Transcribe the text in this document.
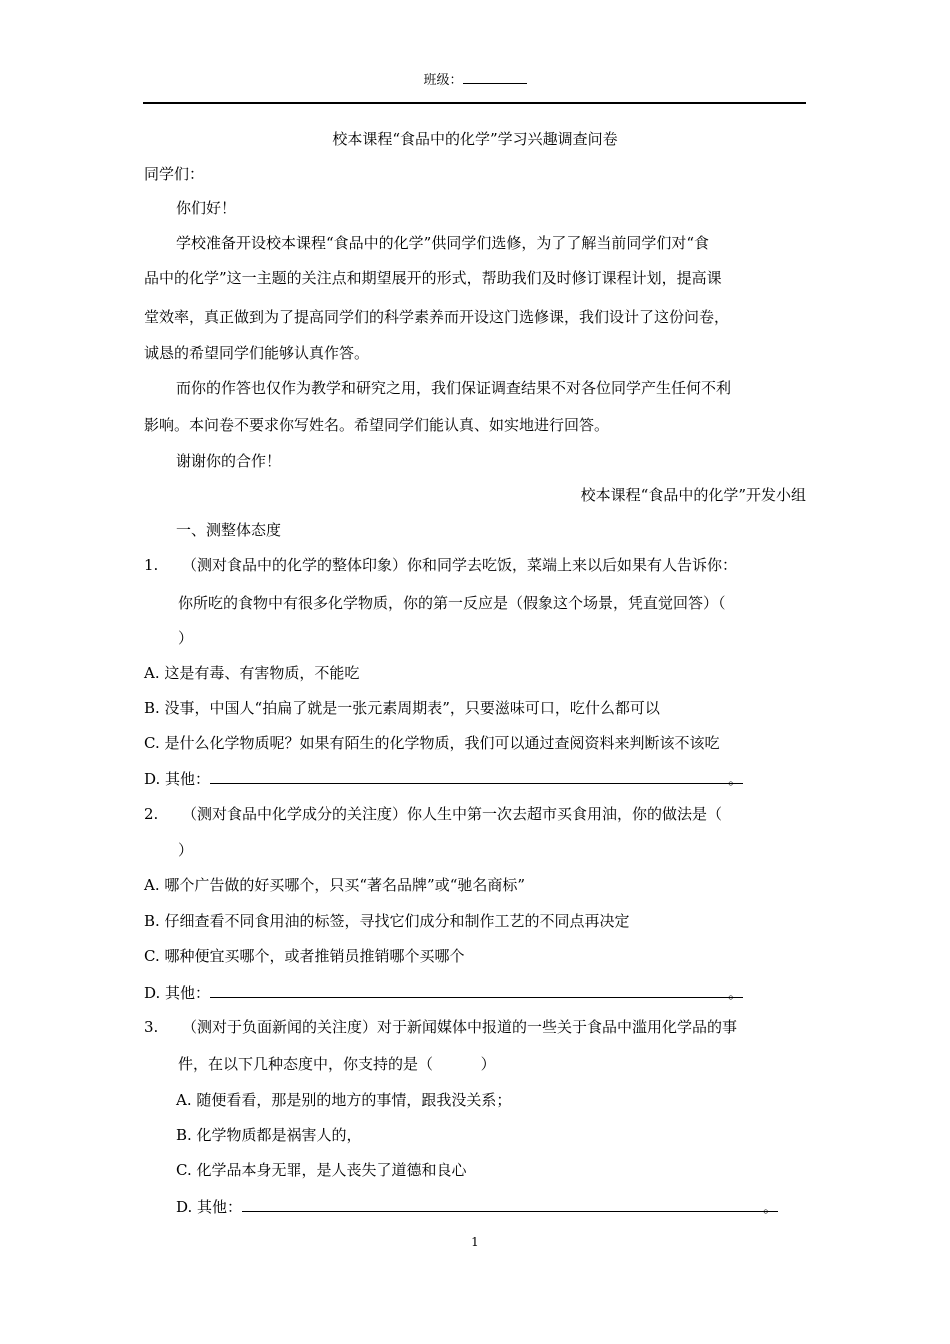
班级：
校本课程“食品中的化学”学习兴趣调查问卷
同学们：
你们好！
学校准备开设校本课程“食品中的化学”供同学们选修，为了了解当前同学们对“食
品中的化学”这一主题的关注点和期望展开的形式，帮助我们及时修订课程计划，提高课
堂效率，真正做到为了提高同学们的科学素养而开设这门选修课，我们设计了这份问卷，
诚恳的希望同学们能够认真作答。
而你的作答也仅作为教学和研究之用，我们保证调查结果不对各位同学产生任何不利
影响。本问卷不要求你写姓名。希望同学们能认真、如实地进行回答。
谢谢你的合作！
校本课程“食品中的化学”开发小组
一、测整体态度
1. （测对食品中的化学的整体印象）你和同学去吃饭，菜端上来以后如果有人告诉你：
你所吃的食物中有很多化学物质，你的第一反应是（假象这个场景，凭直觉回答）（
）
A. 这是有毒、有害物质，不能吃
B. 没事，中国人“拍扁了就是一张元素周期表”，只要滋味可口，吃什么都可以
C. 是什么化学物质呢？如果有陌生的化学物质，我们可以通过查阅资料来判断该不该吃
D. 其他：	。
2. （测对食品中化学成分的关注度）你人生中第一次去超市买食用油，你的做法是（
）
A. 哪个广告做的好买哪个，只买“著名品牌”或“驰名商标”
B. 仔细查看不同食用油的标签，寻找它们成分和制作工艺的不同点再决定
C. 哪种便宜买哪个，或者推销员推销哪个买哪个
D. 其他：	。
3. （测对于负面新闻的关注度）对于新闻媒体中报道的一些关于食品中滥用化学品的事
件，在以下几种态度中，你支持的是（          ）
A. 随便看看，那是别的地方的事情，跟我没关系；
B. 化学物质都是祸害人的，
C. 化学品本身无罪，是人丧失了道德和良心
D. 其他：	。
1
